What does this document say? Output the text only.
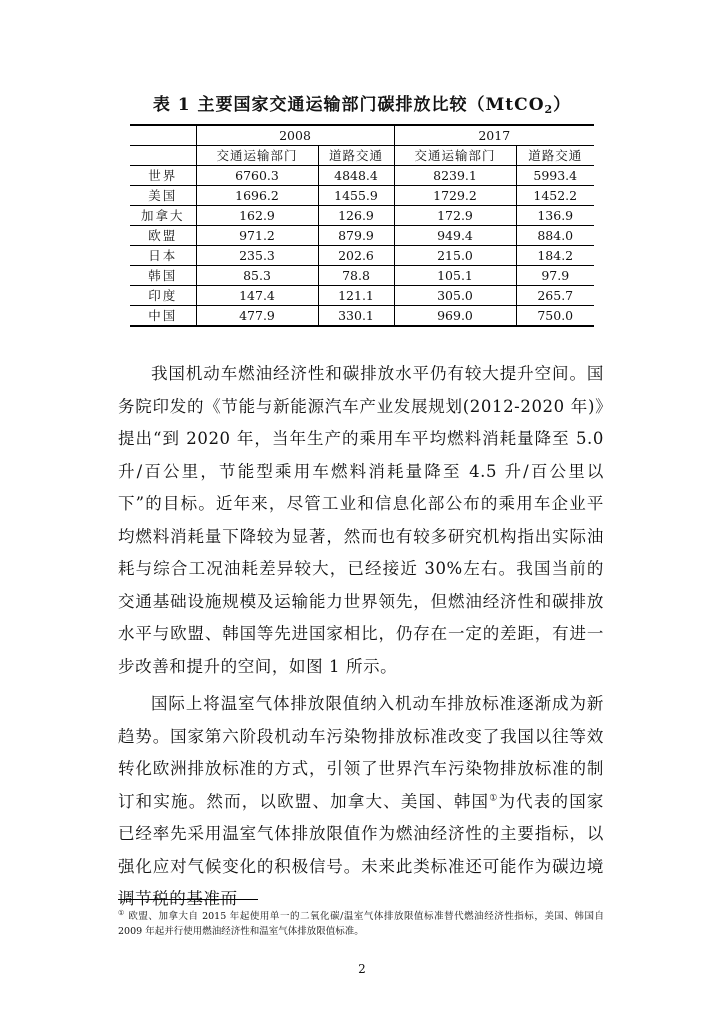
表 1 主要国家交通运输部门碳排放比较（MtCO$_2$）
	2008		2017	
	交通运输部门	道路交通	交通运输部门	道路交通
世界	6760.3	4848.4	8239.1	5993.4
美国	1696.2	1455.9	1729.2	1452.2
加拿大	162.9	126.9	172.9	136.9
欧盟	971.2	879.9	949.4	884.0
日本	235.3	202.6	215.0	184.2
韩国	85.3	78.8	105.1	97.9
印度	147.4	121.1	305.0	265.7
中国	477.9	330.1	969.0	750.0

我国机动车燃油经济性和碳排放水平仍有较大提升空间。国务院印发的《节能与新能源汽车产业发展规划(2012-2020 年)》提出“到 2020 年，当年生产的乘用车平均燃料消耗量降至 5.0 升/百公里，节能型乘用车燃料消耗量降至 4.5 升/百公里以下”的目标。近年来，尽管工业和信息化部公布的乘用车企业平均燃料消耗量下降较为显著，然而也有较多研究机构指出实际油耗与综合工况油耗差异较大，已经接近 30%左右。我国当前的交通基础设施规模及运输能力世界领先，但燃油经济性和碳排放水平与欧盟、韩国等先进国家相比，仍存在一定的差距，有进一步改善和提升的空间，如图 1 所示。

国际上将温室气体排放限值纳入机动车排放标准逐渐成为新趋势。国家第六阶段机动车污染物排放标准改变了我国以往等效转化欧洲排放标准的方式，引领了世界汽车污染物排放标准的制订和实施。然而，以欧盟、加拿大、美国、韩国①为代表的国家已经率先采用温室气体排放限值作为燃油经济性的主要指标，以强化应对气候变化的积极信号。未来此类标准还可能作为碳边境调节税的基准而

① 欧盟、加拿大自 2015 年起使用单一的二氧化碳/温室气体排放限值标准替代燃油经济性指标，美国、韩国自 2009 年起并行使用燃油经济性和温室气体排放限值标准。
2
